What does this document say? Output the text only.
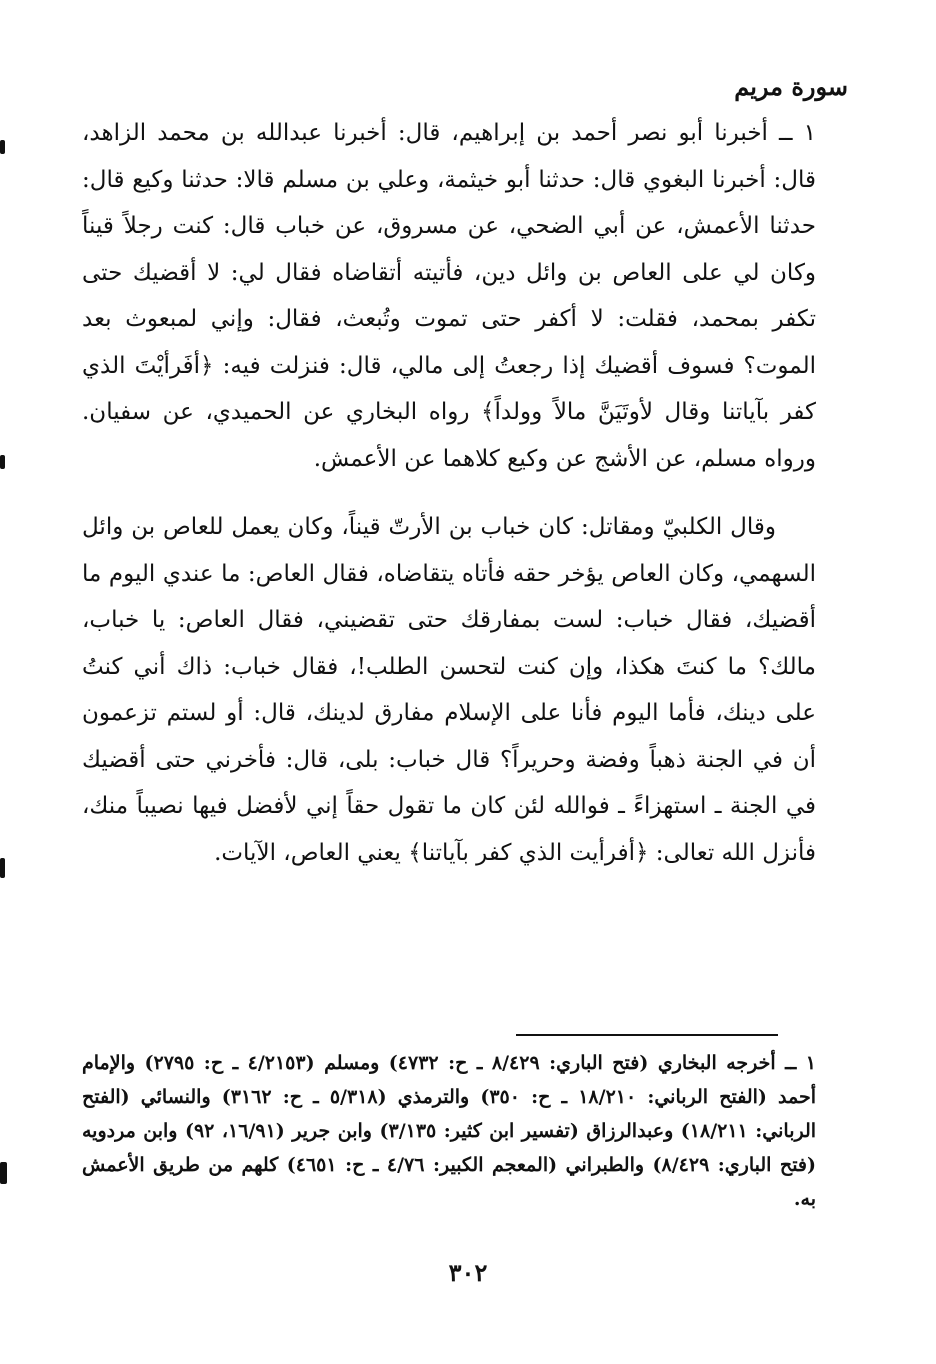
سورة مريم

١ ــ أخبرنا أبو نصر أحمد بن إبراهيم، قال: أخبرنا عبدالله بن محمد الزاهد، قال: أخبرنا البغوي قال: حدثنا أبو خيثمة، وعلي بن مسلم قالا: حدثنا وكيع قال: حدثنا الأعمش، عن أبي الضحي، عن مسروق، عن خباب قال: كنت رجلاً قيناً وكان لي على العاص بن وائل دين، فأتيته أتقاضاه فقال لي: لا أقضيك حتى تكفر بمحمد، فقلت: لا أكفر حتى تموت وتُبعث، فقال: وإني لمبعوث بعد الموت؟ فسوف أقضيك إذا رجعتُ إلى مالي، قال: فنزلت فيه: ﴿أفَرأيْتَ الذي كفر بآياتنا وقال لأوتَيَنَّ مالاً وولداً﴾ رواه البخاري عن الحميدي، عن سفيان. ورواه مسلم، عن الأشج عن وكيع كلاهما عن الأعمش.

وقال الكلبيّ ومقاتل: كان خباب بن الأرتّ قيناً، وكان يعمل للعاص بن وائل السهمي، وكان العاص يؤخر حقه فأتاه يتقاضاه، فقال العاص: ما عندي اليوم ما أقضيك، فقال خباب: لست بمفارقك حتى تقضيني، فقال العاص: يا خباب، مالك؟ ما كنتَ هكذا، وإن كنت لتحسن الطلب!، فقال خباب: ذاك أني كنتُ على دينك، فأما اليوم فأنا على الإسلام مفارق لدينك، قال: أو لستم تزعمون أن في الجنة ذهباً وفضة وحريراً؟ قال خباب: بلى، قال: فأخرني حتى أقضيك في الجنة ـ استهزاءً ـ فوالله لئن كان ما تقول حقاً إني لأفضل فيها نصيباً منك، فأنزل الله تعالى: ﴿أفرأيت الذي كفر بآياتنا﴾ يعني العاص، الآيات.

١ ــ أخرجه البخاري (فتح الباري: ٨/٤٢٩ ـ ح: ٤٧٣٢) ومسلم (٤/٢١٥٣ ـ ح: ٢٧٩٥) والإمام أحمد (الفتح الرباني: ١٨/٢١٠ ـ ح: ٣٥٠) والترمذي (٥/٣١٨ ـ ح: ٣١٦٢) والنسائي (الفتح الرباني: ١٨/٢١١) وعبدالرزاق (تفسير ابن كثير: ٣/١٣٥) وابن جرير (١٦/٩١، ٩٢) وابن مردويه (فتح الباري: ٨/٤٢٩) والطبراني (المعجم الكبير: ٤/٧٦ ـ ح: ٤٦٥١) كلهم من طريق الأعمش به.
٣٠٢
